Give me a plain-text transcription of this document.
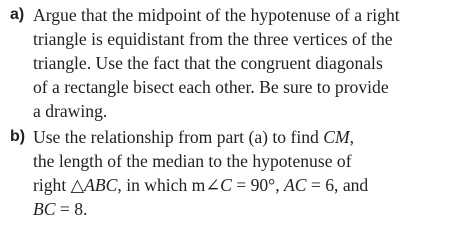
a) Argue that the midpoint of the hypotenuse of a right
triangle is equidistant from the three vertices of the
triangle. Use the fact that the congruent diagonals
of a rectangle bisect each other. Be sure to provide
a drawing.
b) Use the relationship from part (a) to find CM,
the length of the median to the hypotenuse of
right △ABC, in which m∠C = 90°, AC = 6, and
BC = 8.
